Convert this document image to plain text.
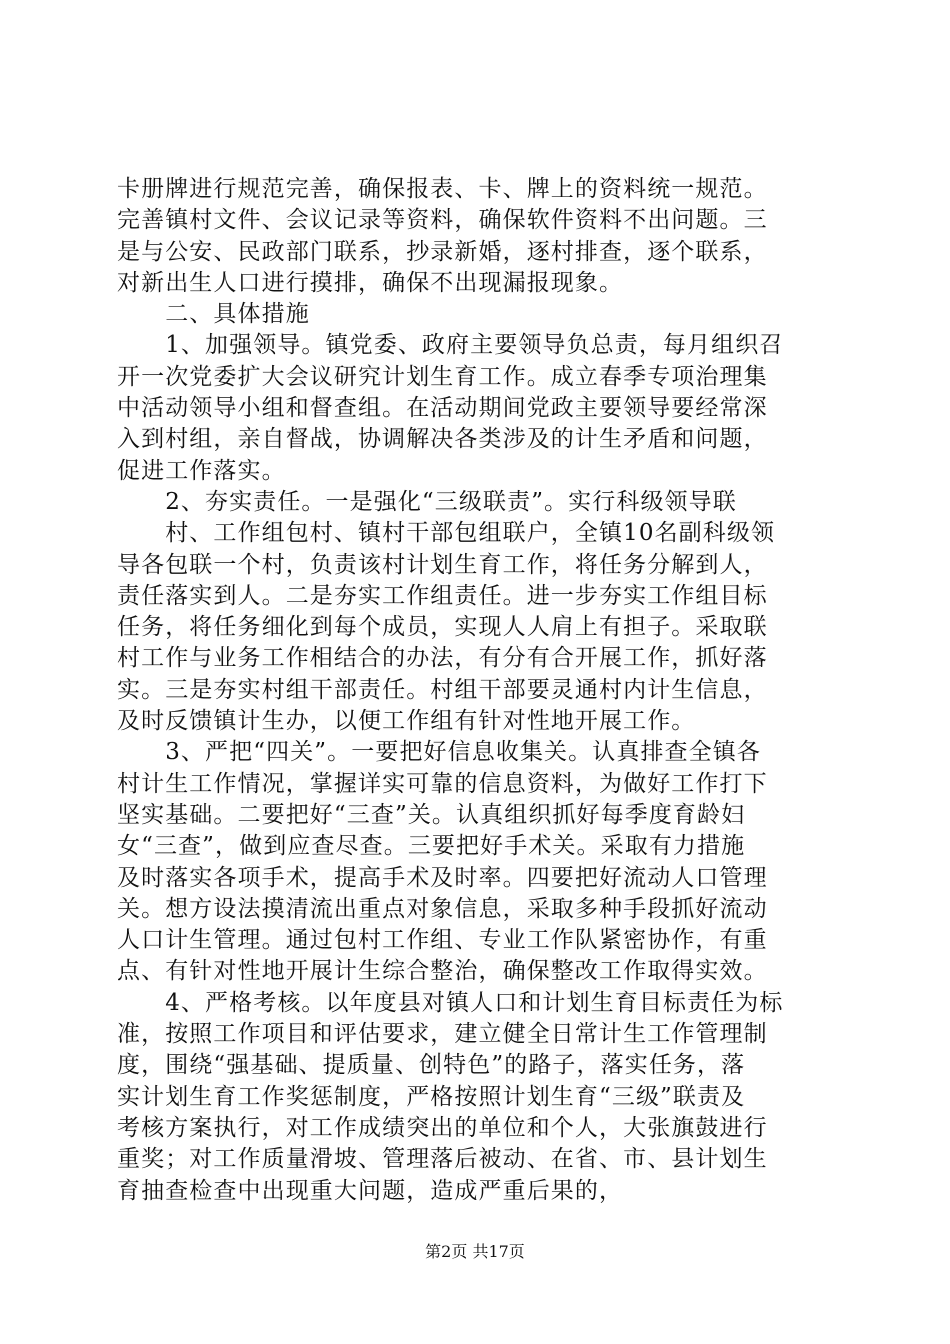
卡册牌进行规范完善，确保报表、卡、牌上的资料统一规范。
完善镇村文件、会议记录等资料，确保软件资料不出问题。三
是与公安、民政部门联系，抄录新婚，逐村排查，逐个联系，
对新出生人口进行摸排，确保不出现漏报现象。
　　二、具体措施
　　1、加强领导。镇党委、政府主要领导负总责，每月组织召
开一次党委扩大会议研究计划生育工作。成立春季专项治理集
中活动领导小组和督查组。在活动期间党政主要领导要经常深
入到村组，亲自督战，协调解决各类涉及的计生矛盾和问题，
促进工作落实。
　　2、夯实责任。一是强化“三级联责”。实行科级领导联
　　村、工作组包村、镇村干部包组联户，全镇10名副科级领
导各包联一个村，负责该村计划生育工作，将任务分解到人，
责任落实到人。二是夯实工作组责任。进一步夯实工作组目标
任务，将任务细化到每个成员，实现人人肩上有担子。采取联
村工作与业务工作相结合的办法，有分有合开展工作，抓好落
实。三是夯实村组干部责任。村组干部要灵通村内计生信息，
及时反馈镇计生办，以便工作组有针对性地开展工作。
　　3、严把“四关”。一要把好信息收集关。认真排查全镇各
村计生工作情况，掌握详实可靠的信息资料，为做好工作打下
坚实基础。二要把好“三查”关。认真组织抓好每季度育龄妇
女“三查”，做到应查尽查。三要把好手术关。采取有力措施
及时落实各项手术，提高手术及时率。四要把好流动人口管理
关。想方设法摸清流出重点对象信息，采取多种手段抓好流动
人口计生管理。通过包村工作组、专业工作队紧密协作，有重
点、有针对性地开展计生综合整治，确保整改工作取得实效。
　　4、严格考核。以年度县对镇人口和计划生育目标责任为标
准，按照工作项目和评估要求，建立健全日常计生工作管理制
度，围绕“强基础、提质量、创特色”的路子，落实任务，落
实计划生育工作奖惩制度，严格按照计划生育“三级”联责及
考核方案执行，对工作成绩突出的单位和个人，大张旗鼓进行
重奖；对工作质量滑坡、管理落后被动、在省、市、县计划生
育抽查检查中出现重大问题，造成严重后果的，
第2页 共17页
